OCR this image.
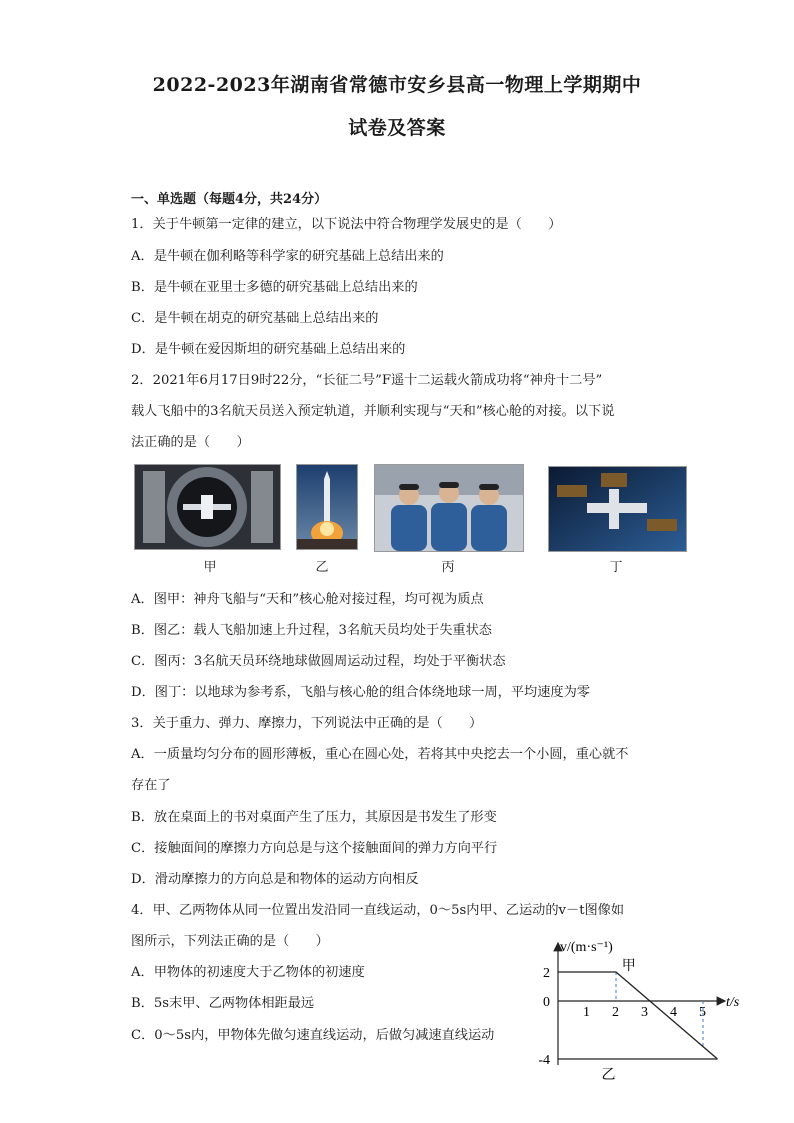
2022-2023年湖南省常德市安乡县高一物理上学期期中
试卷及答案
一、单选题（每题4分，共24分）
1．关于牛顿第一定律的建立，以下说法中符合物理学发展史的是（　　）
A．是牛顿在伽利略等科学家的研究基础上总结出来的
B．是牛顿在亚里士多德的研究基础上总结出来的
C．是牛顿在胡克的研究基础上总结出来的
D．是牛顿在爱因斯坦的研究基础上总结出来的
2．2021年6月17日9时22分，“长征二号”F遥十二运载火箭成功将“神舟十二号”
载人飞船中的3名航天员送入预定轨道，并顺利实现与“天和”核心舱的对接。以下说
法正确的是（　　）
甲	乙	丙	丁
A．图甲：神舟飞船与“天和”核心舱对接过程，均可视为质点
B．图乙：载人飞船加速上升过程，3名航天员均处于失重状态
C．图丙：3名航天员环绕地球做圆周运动过程，均处于平衡状态
D．图丁：以地球为参考系，飞船与核心舱的组合体绕地球一周，平均速度为零
3．关于重力、弹力、摩擦力，下列说法中正确的是（　　）
A．一质量均匀分布的圆形薄板，重心在圆心处，若将其中央挖去一个小圆，重心就不
存在了
B．放在桌面上的书对桌面产生了压力，其原因是书发生了形变
C．接触面间的摩擦力方向总是与这个接触面间的弹力方向平行
D．滑动摩擦力的方向总是和物体的运动方向相反
4．甲、乙两物体从同一位置出发沿同一直线运动，0～5s内甲、乙运动的v－t图像如
图所示，下列法正确的是（　　）
A．甲物体的初速度大于乙物体的初速度
B．5s末甲、乙两物体相距最远
C．0～5s内，甲物体先做匀速直线运动，后做匀减速直线运动
v/(m·s⁻¹)
t/s
1 2 3 4 5
2
0
-4
甲
乙
